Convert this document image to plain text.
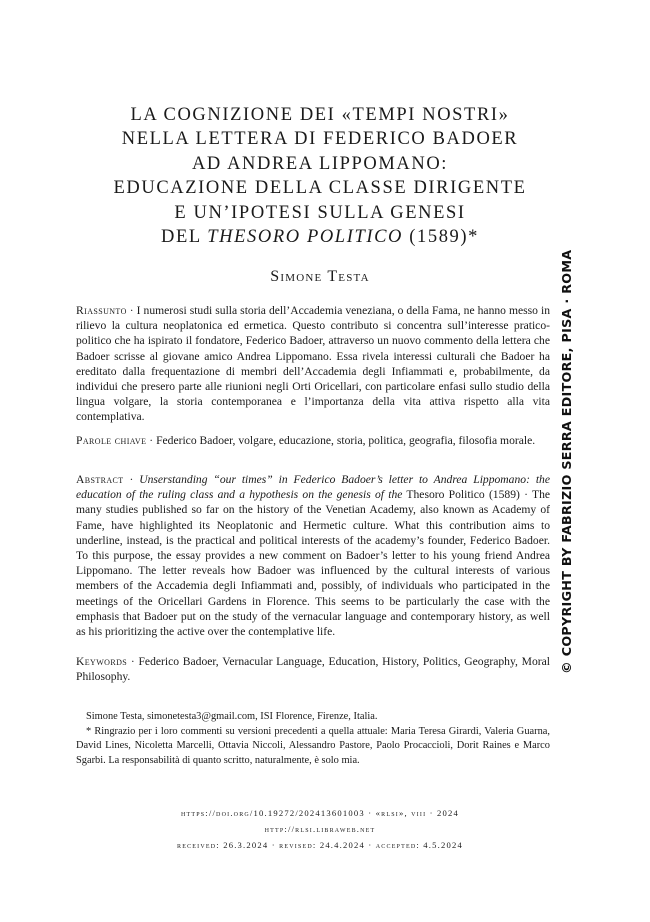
LA COGNIZIONE DEI «TEMPI NOSTRI»
NELLA LETTERA DI FEDERICO BADOER
AD ANDREA LIPPOMANO:
EDUCAZIONE DELLA CLASSE DIRIGENTE
E UN’IPOTESI SULLA GENESI
DEL THESORO POLITICO (1589)*
Simone Testa
Riassunto · I numerosi studi sulla storia dell’Accademia veneziana, o della Fama, ne hanno messo in rilievo la cultura neoplatonica ed ermetica. Questo contributo si concentra sull’interesse pratico-politico che ha ispirato il fondatore, Federico Badoer, attraverso un nuovo commento della lettera che Badoer scrisse al giovane amico Andrea Lippomano. Essa rivela interessi culturali che Badoer ha ereditato dalla frequentazione di membri dell’Accademia degli Infiammati e, probabilmente, da individui che presero parte alle riunioni negli Orti Oricellari, con particolare enfasi sullo studio della lingua volgare, la storia contemporanea e l’importanza della vita attiva rispetto alla vita contemplativa.
Parole chiave · Federico Badoer, volgare, educazione, storia, politica, geografia, filosofia morale.
Abstract · Unserstanding “our times” in Federico Badoer’s letter to Andrea Lippomano: the education of the ruling class and a hypothesis on the genesis of the Thesoro Politico (1589) · The many studies published so far on the history of the Venetian Academy, also known as Academy of Fame, have highlighted its Neoplatonic and Hermetic culture. What this contribution aims to underline, instead, is the practical and political interests of the academy’s founder, Federico Badoer. To this purpose, the essay provides a new comment on Badoer’s letter to his young friend Andrea Lippomano. The letter reveals how Badoer was influenced by the cultural interests of various members of the Accademia degli Infiammati and, possibly, of individuals who participated in the meetings of the Oricellari Gardens in Florence. This seems to be particularly the case with the emphasis that Badoer put on the study of the vernacular language and contemporary history, as well as his prioritizing the active over the contemplative life.
Keywords · Federico Badoer, Vernacular Language, Education, History, Politics, Geography, Moral Philosophy.
Simone Testa, simonetesta3@gmail.com, ISI Florence, Firenze, Italia.
* Ringrazio per i loro commenti su versioni precedenti a quella attuale: Maria Teresa Girardi, Valeria Guarna, David Lines, Nicoletta Marcelli, Ottavia Niccoli, Alessandro Pastore, Paolo Procaccioli, Dorit Raines e Marco Sgarbi. La responsabilità di quanto scritto, naturalmente, è solo mia.
https://doi.org/10.19272/202413601003 · «rlsi», viii · 2024
http://rlsi.libraweb.net
received: 26.3.2024 · revised: 24.4.2024 · accepted: 4.5.2024
© COPYRIGHT BY FABRIZIO SERRA EDITORE, PISA · ROMA
